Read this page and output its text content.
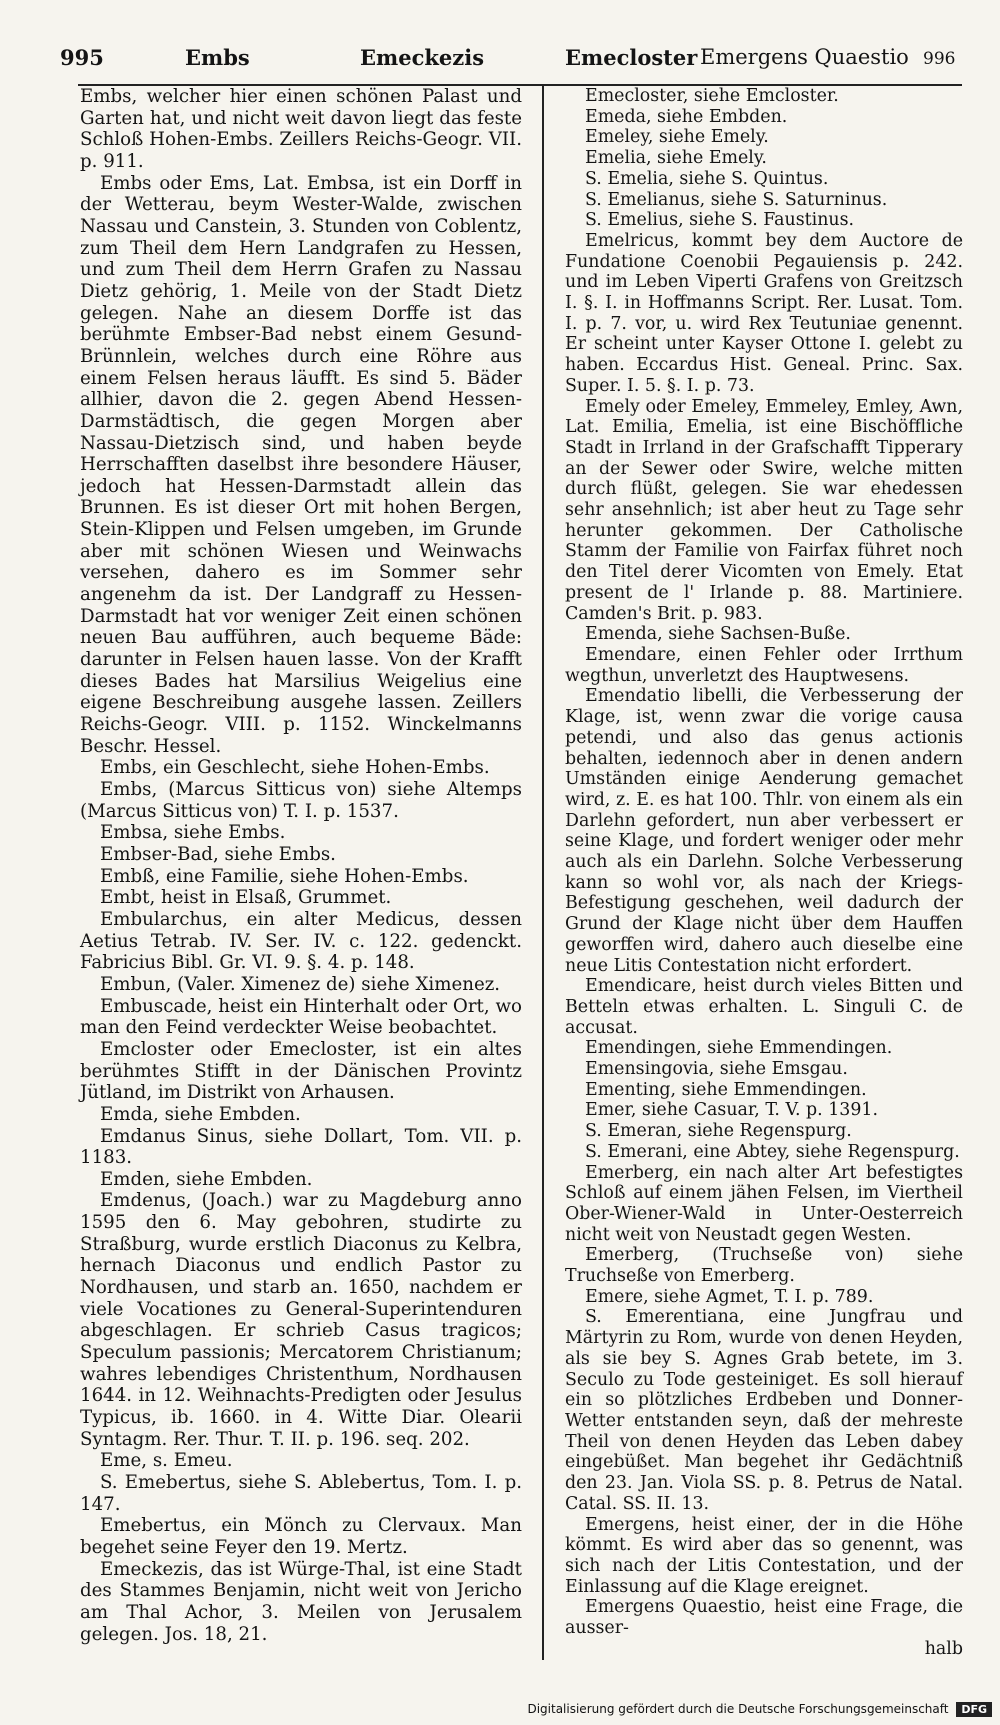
995	Embs	Emeckezis	Emecloster Emergens Quaestio 996

Embs, welcher hier einen schönen Palast und Garten hat, und nicht weit davon liegt das feste Schloß Hohen-Embs. Zeillers Reichs-Geogr. VII. p. 911.

Embs oder Ems, Lat. Embsa, ist ein Dorff in der Wetterau, beym Wester-Walde, zwischen Nassau und Canstein, 3. Stunden von Coblentz, zum Theil dem Hern Landgrafen zu Hessen, und zum Theil dem Herrn Grafen zu Nassau Dietz gehörig, 1. Meile von der Stadt Dietz gelegen. Nahe an diesem Dorffe ist das berühmte Embser-Bad nebst einem Gesund-Brünnlein, welches durch eine Röhre aus einem Felsen heraus läufft. Es sind 5. Bäder allhier, davon die 2. gegen Abend Hessen-Darmstädtisch, die gegen Morgen aber Nassau-Dietzisch sind, und haben beyde Herrschafften daselbst ihre besondere Häuser, jedoch hat Hessen-Darmstadt allein das Brunnen. Es ist dieser Ort mit hohen Bergen, Stein-Klippen und Felsen umgeben, im Grunde aber mit schönen Wiesen und Weinwachs versehen, dahero es im Sommer sehr angenehm da ist. Der Landgraff zu Hessen-Darmstadt hat vor weniger Zeit einen schönen neuen Bau aufführen, auch bequeme Bäde: darunter in Felsen hauen lasse. Von der Krafft dieses Bades hat Marsilius Weigelius eine eigene Beschreibung ausgehe lassen. Zeillers Reichs-Geogr. VIII. p. 1152. Winckelmanns Beschr. Hessel.

Embs, ein Geschlecht, siehe Hohen-Embs.

Embs, (Marcus Sitticus von) siehe Altemps (Marcus Sitticus von) T. I. p. 1537.

Embsa, siehe Embs.

Embser-Bad, siehe Embs.

Embß, eine Familie, siehe Hohen-Embs.

Embt, heist in Elsaß, Grummet.

Embularchus, ein alter Medicus, dessen Aetius Tetrab. IV. Ser. IV. c. 122. gedenckt. Fabricius Bibl. Gr. VI. 9. §. 4. p. 148.

Embun, (Valer. Ximenez de) siehe Ximenez.

Embuscade, heist ein Hinterhalt oder Ort, wo man den Feind verdeckter Weise beobachtet.

Emcloster oder Emecloster, ist ein altes berühmtes Stifft in der Dänischen Provintz Jütland, im Distrikt von Arhausen.

Emda, siehe Embden.

Emdanus Sinus, siehe Dollart, Tom. VII. p. 1183.

Emden, siehe Embden.

Emdenus, (Joach.) war zu Magdeburg anno 1595 den 6. May gebohren, studirte zu Straßburg, wurde erstlich Diaconus zu Kelbra, hernach Diaconus und endlich Pastor zu Nordhausen, und starb an. 1650, nachdem er viele Vocationes zu General-Superintenduren abgeschlagen. Er schrieb Casus tragicos; Speculum passionis; Mercatorem Christianum; wahres lebendiges Christenthum, Nordhausen 1644. in 12. Weihnachts-Predigten oder Jesulus Typicus, ib. 1660. in 4. Witte Diar. Olearii Syntagm. Rer. Thur. T. II. p. 196. seq. 202.

Eme, s. Emeu.

S. Emebertus, siehe S. Ablebertus, Tom. I. p. 147.

Emebertus, ein Mönch zu Clervaux. Man begehet seine Feyer den 19. Mertz.

Emeckezis, das ist Würge-Thal, ist eine Stadt des Stammes Benjamin, nicht weit von Jericho am Thal Achor, 3. Meilen von Jerusalem gelegen. Jos. 18, 21.

Emecloster, siehe Emcloster.

Emeda, siehe Embden.

Emeley, siehe Emely.

Emelia, siehe Emely.

S. Emelia, siehe S. Quintus.

S. Emelianus, siehe S. Saturninus.

S. Emelius, siehe S. Faustinus.

Emelricus, kommt bey dem Auctore de Fundatione Coenobii Pegauiensis p. 242. und im Leben Viperti Grafens von Greitzsch I. §. I. in Hoffmanns Script. Rer. Lusat. Tom. I. p. 7. vor, u. wird Rex Teutuniae genennt. Er scheint unter Kayser Ottone I. gelebt zu haben. Eccardus Hist. Geneal. Princ. Sax. Super. I. 5. §. I. p. 73.

Emely oder Emeley, Emmeley, Emley, Awn, Lat. Emilia, Emelia, ist eine Bischöffliche Stadt in Irrland in der Grafschafft Tipperary an der Sewer oder Swire, welche mitten durch flüßt, gelegen. Sie war ehedessen sehr ansehnlich; ist aber heut zu Tage sehr herunter gekommen. Der Catholische Stamm der Familie von Fairfax führet noch den Titel derer Vicomten von Emely. Etat present de l' Irlande p. 88. Martiniere. Camden's Brit. p. 983.

Emenda, siehe Sachsen-Buße.

Emendare, einen Fehler oder Irrthum wegthun, unverletzt des Hauptwesens.

Emendatio libelli, die Verbesserung der Klage, ist, wenn zwar die vorige causa petendi, und also das genus actionis behalten, iedennoch aber in denen andern Umständen einige Aenderung gemachet wird, z. E. es hat 100. Thlr. von einem als ein Darlehn gefordert, nun aber verbessert er seine Klage, und fordert weniger oder mehr auch als ein Darlehn. Solche Verbesserung kann so wohl vor, als nach der Kriegs-Befestigung geschehen, weil dadurch der Grund der Klage nicht über dem Hauffen geworffen wird, dahero auch dieselbe eine neue Litis Contestation nicht erfordert.

Emendicare, heist durch vieles Bitten und Betteln etwas erhalten. L. Singuli C. de accusat.

Emendingen, siehe Emmendingen.

Emensingovia, siehe Emsgau.

Ementing, siehe Emmendingen.

Emer, siehe Casuar, T. V. p. 1391.

S. Emeran, siehe Regenspurg.

S. Emerani, eine Abtey, siehe Regenspurg.

Emerberg, ein nach alter Art befestigtes Schloß auf einem jähen Felsen, im Viertheil Ober-Wiener-Wald in Unter-Oesterreich nicht weit von Neustadt gegen Westen.

Emerberg, (Truchseße von) siehe Truchseße von Emerberg.

Emere, siehe Agmet, T. I. p. 789.

S. Emerentiana, eine Jungfrau und Märtyrin zu Rom, wurde von denen Heyden, als sie bey S. Agnes Grab betete, im 3. Seculo zu Tode gesteiniget. Es soll hierauf ein so plötzliches Erdbeben und Donner-Wetter entstanden seyn, daß der mehreste Theil von denen Heyden das Leben dabey eingebüßet. Man begehet ihr Gedächtniß den 23. Jan. Viola SS. p. 8. Petrus de Natal. Catal. SS. II. 13.

Emergens, heist einer, der in die Höhe kömmt. Es wird aber das so genennt, was sich nach der Litis Contestation, und der Einlassung auf die Klage ereignet.

Emergens Quaestio, heist eine Frage, die ausser-

halb

Digitalisierung gefördert durch die Deutsche Forschungsgemeinschaft DFG
